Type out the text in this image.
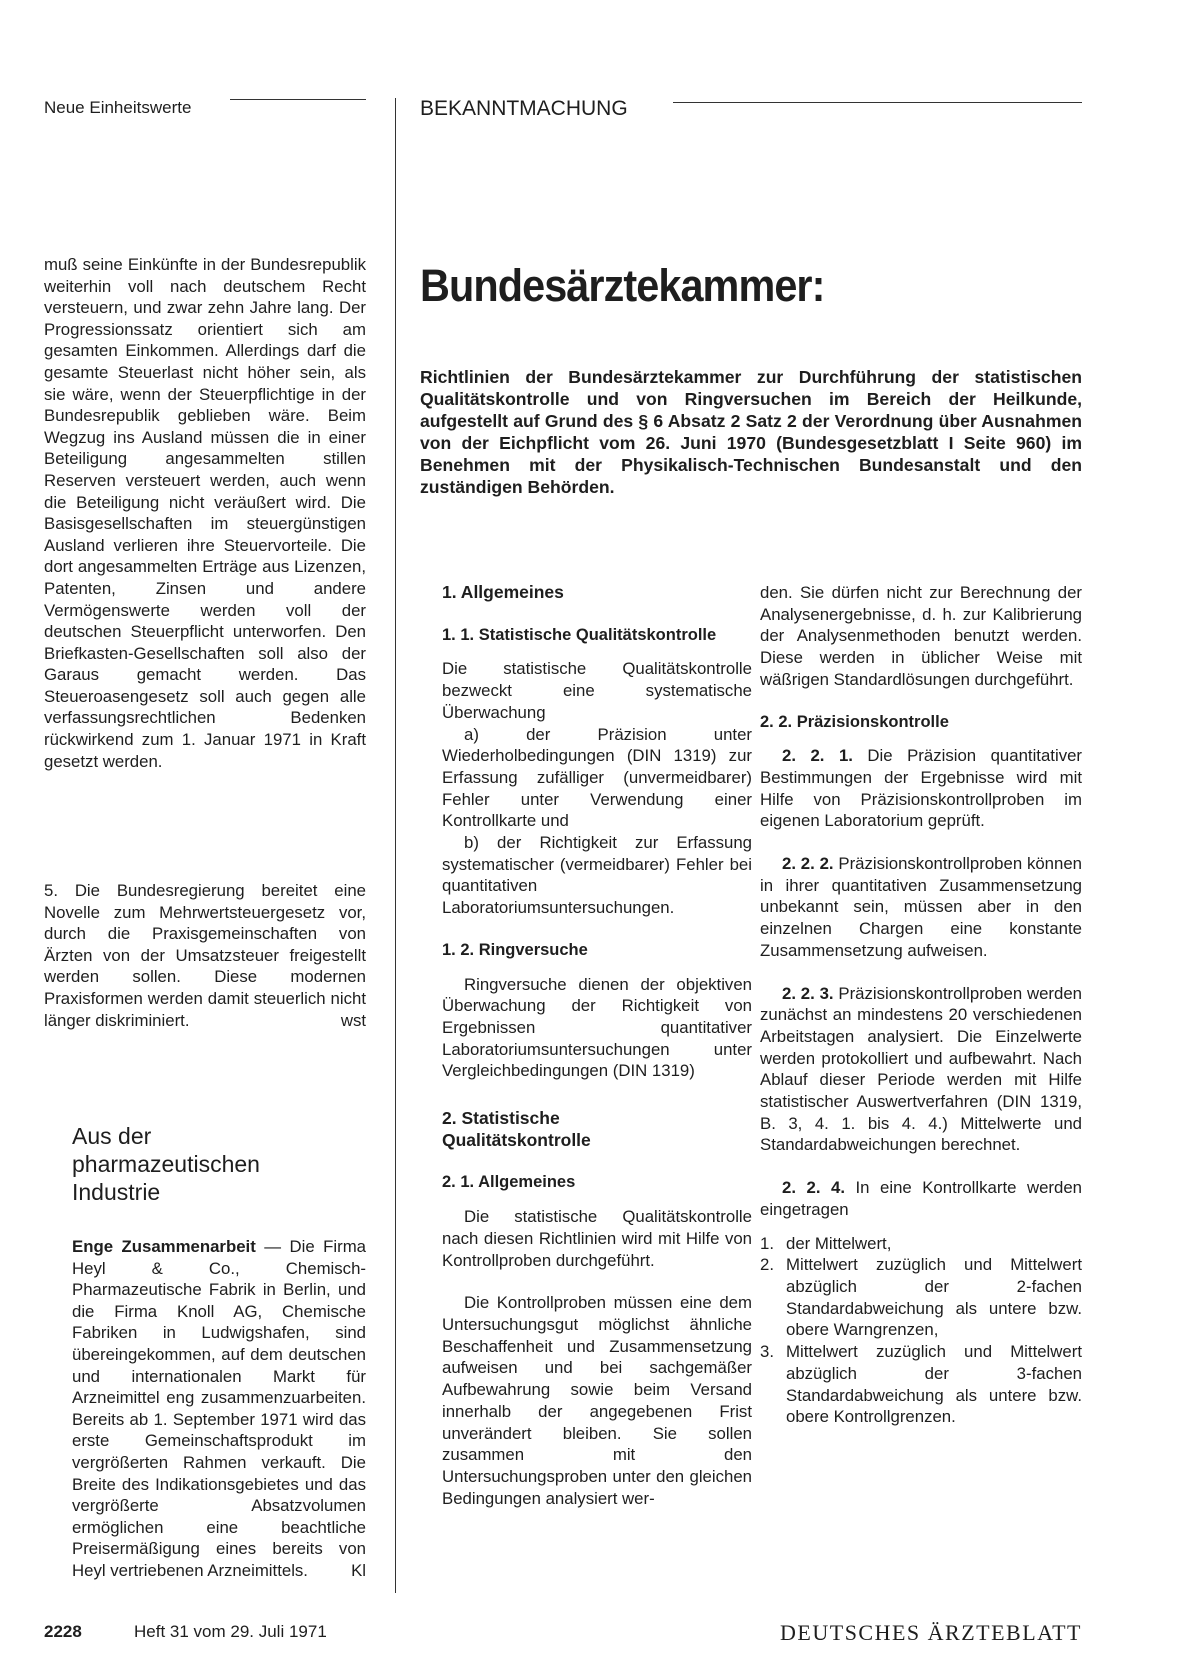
Neue Einheitswerte	BEKANNTMACHUNG

muß seine Einkünfte in der Bundesrepublik weiterhin voll nach deutschem Recht versteuern, und zwar zehn Jahre lang. Der Progressionssatz orientiert sich am gesamten Einkommen. Allerdings darf die gesamte Steuerlast nicht höher sein, als sie wäre, wenn der Steuerpflichtige in der Bundesrepublik geblieben wäre. Beim Wegzug ins Ausland müssen die in einer Beteiligung angesammelten stillen Reserven versteuert werden, auch wenn die Beteiligung nicht veräußert wird. Die Basisgesellschaften im steuergünstigen Ausland verlieren ihre Steuervorteile. Die dort angesammelten Erträge aus Lizenzen, Patenten, Zinsen und andere Vermögenswerte werden voll der deutschen Steuerpflicht unterworfen. Den Briefkasten-Gesellschaften soll also der Garaus gemacht werden. Das Steueroasengesetz soll auch gegen alle verfassungsrechtlichen Bedenken rückwirkend zum 1. Januar 1971 in Kraft gesetzt werden.

5. Die Bundesregierung bereitet eine Novelle zum Mehrwertsteuergesetz vor, durch die Praxisgemeinschaften von Ärzten von der Umsatzsteuer freigestellt werden sollen. Diese modernen Praxisformen werden damit steuerlich nicht länger diskriminiert.	wst

Aus der
pharmazeutischen
Industrie

Enge Zusammenarbeit — Die Firma Heyl & Co., Chemisch-Pharmazeutische Fabrik in Berlin, und die Firma Knoll AG, Chemische Fabriken in Ludwigshafen, sind übereingekommen, auf dem deutschen und internationalen Markt für Arzneimittel eng zusammenzuarbeiten. Bereits ab 1. September 1971 wird das erste Gemeinschaftsprodukt im vergrößerten Rahmen verkauft. Die Breite des Indikationsgebietes und das vergrößerte Absatzvolumen ermöglichen eine beachtliche Preisermäßigung eines bereits von Heyl vertriebenen Arzneimittels.	Kl

Bundesärztekammer:

Richtlinien der Bundesärztekammer zur Durchführung der statistischen Qualitätskontrolle und von Ringversuchen im Bereich der Heilkunde, aufgestellt auf Grund des § 6 Absatz 2 Satz 2 der Verordnung über Ausnahmen von der Eichpflicht vom 26. Juni 1970 (Bundesgesetzblatt I Seite 960) im Benehmen mit der Physikalisch-Technischen Bundesanstalt und den zuständigen Behörden.

1. Allgemeines

1. 1. Statistische Qualitätskontrolle

Die statistische Qualitätskontrolle bezweckt eine systematische Überwachung

a) der Präzision unter Wiederholbedingungen (DIN 1319) zur Erfassung zufälliger (unvermeidbarer) Fehler unter Verwendung einer Kontrollkarte und

b) der Richtigkeit zur Erfassung systematischer (vermeidbarer) Fehler bei quantitativen Laboratoriumsuntersuchungen.

1. 2. Ringversuche

Ringversuche dienen der objektiven Überwachung der Richtigkeit von Ergebnissen quantitativer Laboratoriumsuntersuchungen unter Vergleichbedingungen (DIN 1319)

2. Statistische
Qualitätskontrolle

2. 1. Allgemeines

Die statistische Qualitätskontrolle nach diesen Richtlinien wird mit Hilfe von Kontrollproben durchgeführt.

Die Kontrollproben müssen eine dem Untersuchungsgut möglichst ähnliche Beschaffenheit und Zusammensetzung aufweisen und bei sachgemäßer Aufbewahrung sowie beim Versand innerhalb der angegebenen Frist unverändert bleiben. Sie sollen zusammen mit den Untersuchungsproben unter den gleichen Bedingungen analysiert wer-

den. Sie dürfen nicht zur Berechnung der Analysenergebnisse, d. h. zur Kalibrierung der Analysenmethoden benutzt werden. Diese werden in üblicher Weise mit wäßrigen Standardlösungen durchgeführt.

2. 2. Präzisionskontrolle

2. 2. 1. Die Präzision quantitativer Bestimmungen der Ergebnisse wird mit Hilfe von Präzisionskontrollproben im eigenen Laboratorium geprüft.

2. 2. 2. Präzisionskontrollproben können in ihrer quantitativen Zusammensetzung unbekannt sein, müssen aber in den einzelnen Chargen eine konstante Zusammensetzung aufweisen.

2. 2. 3. Präzisionskontrollproben werden zunächst an mindestens 20 verschiedenen Arbeitstagen analysiert. Die Einzelwerte werden protokolliert und aufbewahrt. Nach Ablauf dieser Periode werden mit Hilfe statistischer Auswertverfahren (DIN 1319, B. 3, 4. 1. bis 4. 4.) Mittelwerte und Standardabweichungen berechnet.

2. 2. 4. In eine Kontrollkarte werden eingetragen

1. der Mittelwert,
2. Mittelwert zuzüglich und Mittelwert abzüglich der 2-fachen Standardabweichung als untere bzw. obere Warngrenzen,
3. Mittelwert zuzüglich und Mittelwert abzüglich der 3-fachen Standardabweichung als untere bzw. obere Kontrollgrenzen.
2228	Heft 31 vom 29. Juli 1971	DEUTSCHES ÄRZTEBLATT
